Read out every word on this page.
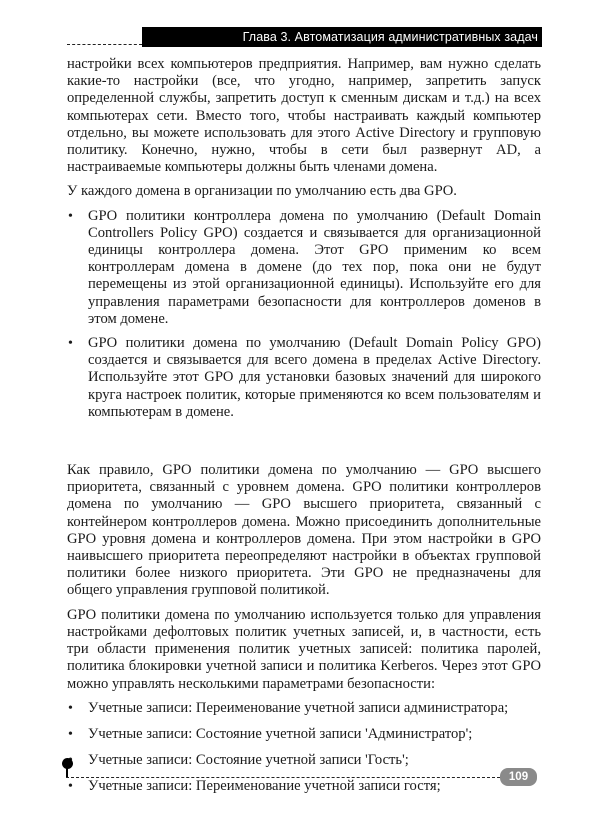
Глава 3. Автоматизация административных задач

настройки всех компьютеров предприятия. Например, вам нужно сделать какие-то настройки (все, что угодно, например, запретить запуск определенной службы, запретить доступ к сменным дискам и т.д.) на всех компьютерах сети. Вместо того, чтобы настраивать каждый компьютер отдельно, вы можете использовать для этого Active Directory и групповую политику. Конечно, нужно, чтобы в сети был развернут AD, а настраиваемые компьютеры должны быть членами домена.

У каждого домена в организации по умолчанию есть два GPO.

• GPO политики контроллера домена по умолчанию (Default Domain Controllers Policy GPO) создается и связывается для организационной единицы контроллера домена. Этот GPO применим ко всем контроллерам домена в домене (до тех пор, пока они не будут перемещены из этой организационной единицы). Используйте его для управления параметрами безопасности для контроллеров доменов в этом домене.
• GPO политики домена по умолчанию (Default Domain Policy GPO) создается и связывается для всего домена в пределах Active Directory. Используйте этот GPO для установки базовых значений для широкого круга настроек политик, которые применяются ко всем пользователям и компьютерам в домене.

Как правило, GPO политики домена по умолчанию — GPO высшего приоритета, связанный с уровнем домена. GPO политики контроллеров домена по умолчанию — GPO высшего приоритета, связанный с контейнером контроллеров домена. Можно присоединить дополнительные GPO уровня домена и контроллеров домена. При этом настройки в GPO наивысшего приоритета переопределяют настройки в объектах групповой политики более низкого приоритета. Эти GPO не предназначены для общего управления групповой политикой.

GPO политики домена по умолчанию используется только для управления настройками дефолтовых политик учетных записей, и, в частности, есть три области применения политик учетных записей: политика паролей, политика блокировки учетной записи и политика Kerberos. Через этот GPO можно управлять несколькими параметрами безопасности:

• Учетные записи: Переименование учетной записи администратора;
• Учетные записи: Состояние учетной записи 'Администратор';
Учетные записи: Состояние учетной записи 'Гость';
• Учетные записи: Переименование учетной записи гостя;
109
